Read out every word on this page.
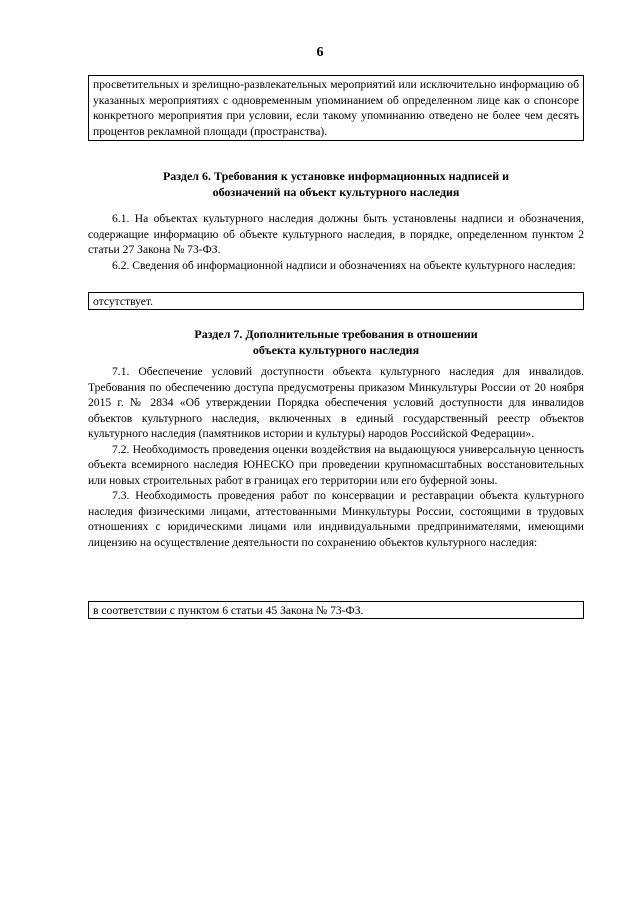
6
просветительных и зрелищно-развлекательных мероприятий или исключительно информацию об указанных мероприятиях с одновременным упоминанием об определенном лице как о спонсоре конкретного мероприятия при условии, если такому упоминанию отведено не более чем десять процентов рекламной площади (пространства).
Раздел 6. Требования к установке информационных надписей и
обозначений на объект культурного наследия

6.1. На объектах культурного наследия должны быть установлены надписи и обозначения, содержащие информацию об объекте культурного наследия, в порядке, определенном пунктом 2 статьи 27 Закона № 73-ФЗ.

6.2. Сведения об информационной надписи и обозначениях на объекте культурного наследия:

отсутствует.
Раздел 7. Дополнительные требования в отношении
объекта культурного наследия

7.1. Обеспечение условий доступности объекта культурного наследия для инвалидов. Требования по обеспечению доступа предусмотрены приказом Минкультуры России от 20 ноября 2015 г. № 2834 «Об утверждении Порядка обеспечения условий доступности для инвалидов объектов культурного наследия, включенных в единый государственный реестр объектов культурного наследия (памятников истории и культуры) народов Российской Федерации».

7.2. Необходимость проведения оценки воздействия на выдающуюся универсальную ценность объекта всемирного наследия ЮНЕСКО при проведении крупномасштабных восстановительных или новых строительных работ в границах его территории или его буферной зоны.

7.3. Необходимость проведения работ по консервации и реставрации объекта культурного наследия физическими лицами, аттестованными Минкультуры России, состоящими в трудовых отношениях с юридическими лицами или индивидуальными предпринимателями, имеющими лицензию на осуществление деятельности по сохранению объектов культурного наследия:

в соответствии с пунктом 6 статьи 45 Закона № 73-ФЗ.
